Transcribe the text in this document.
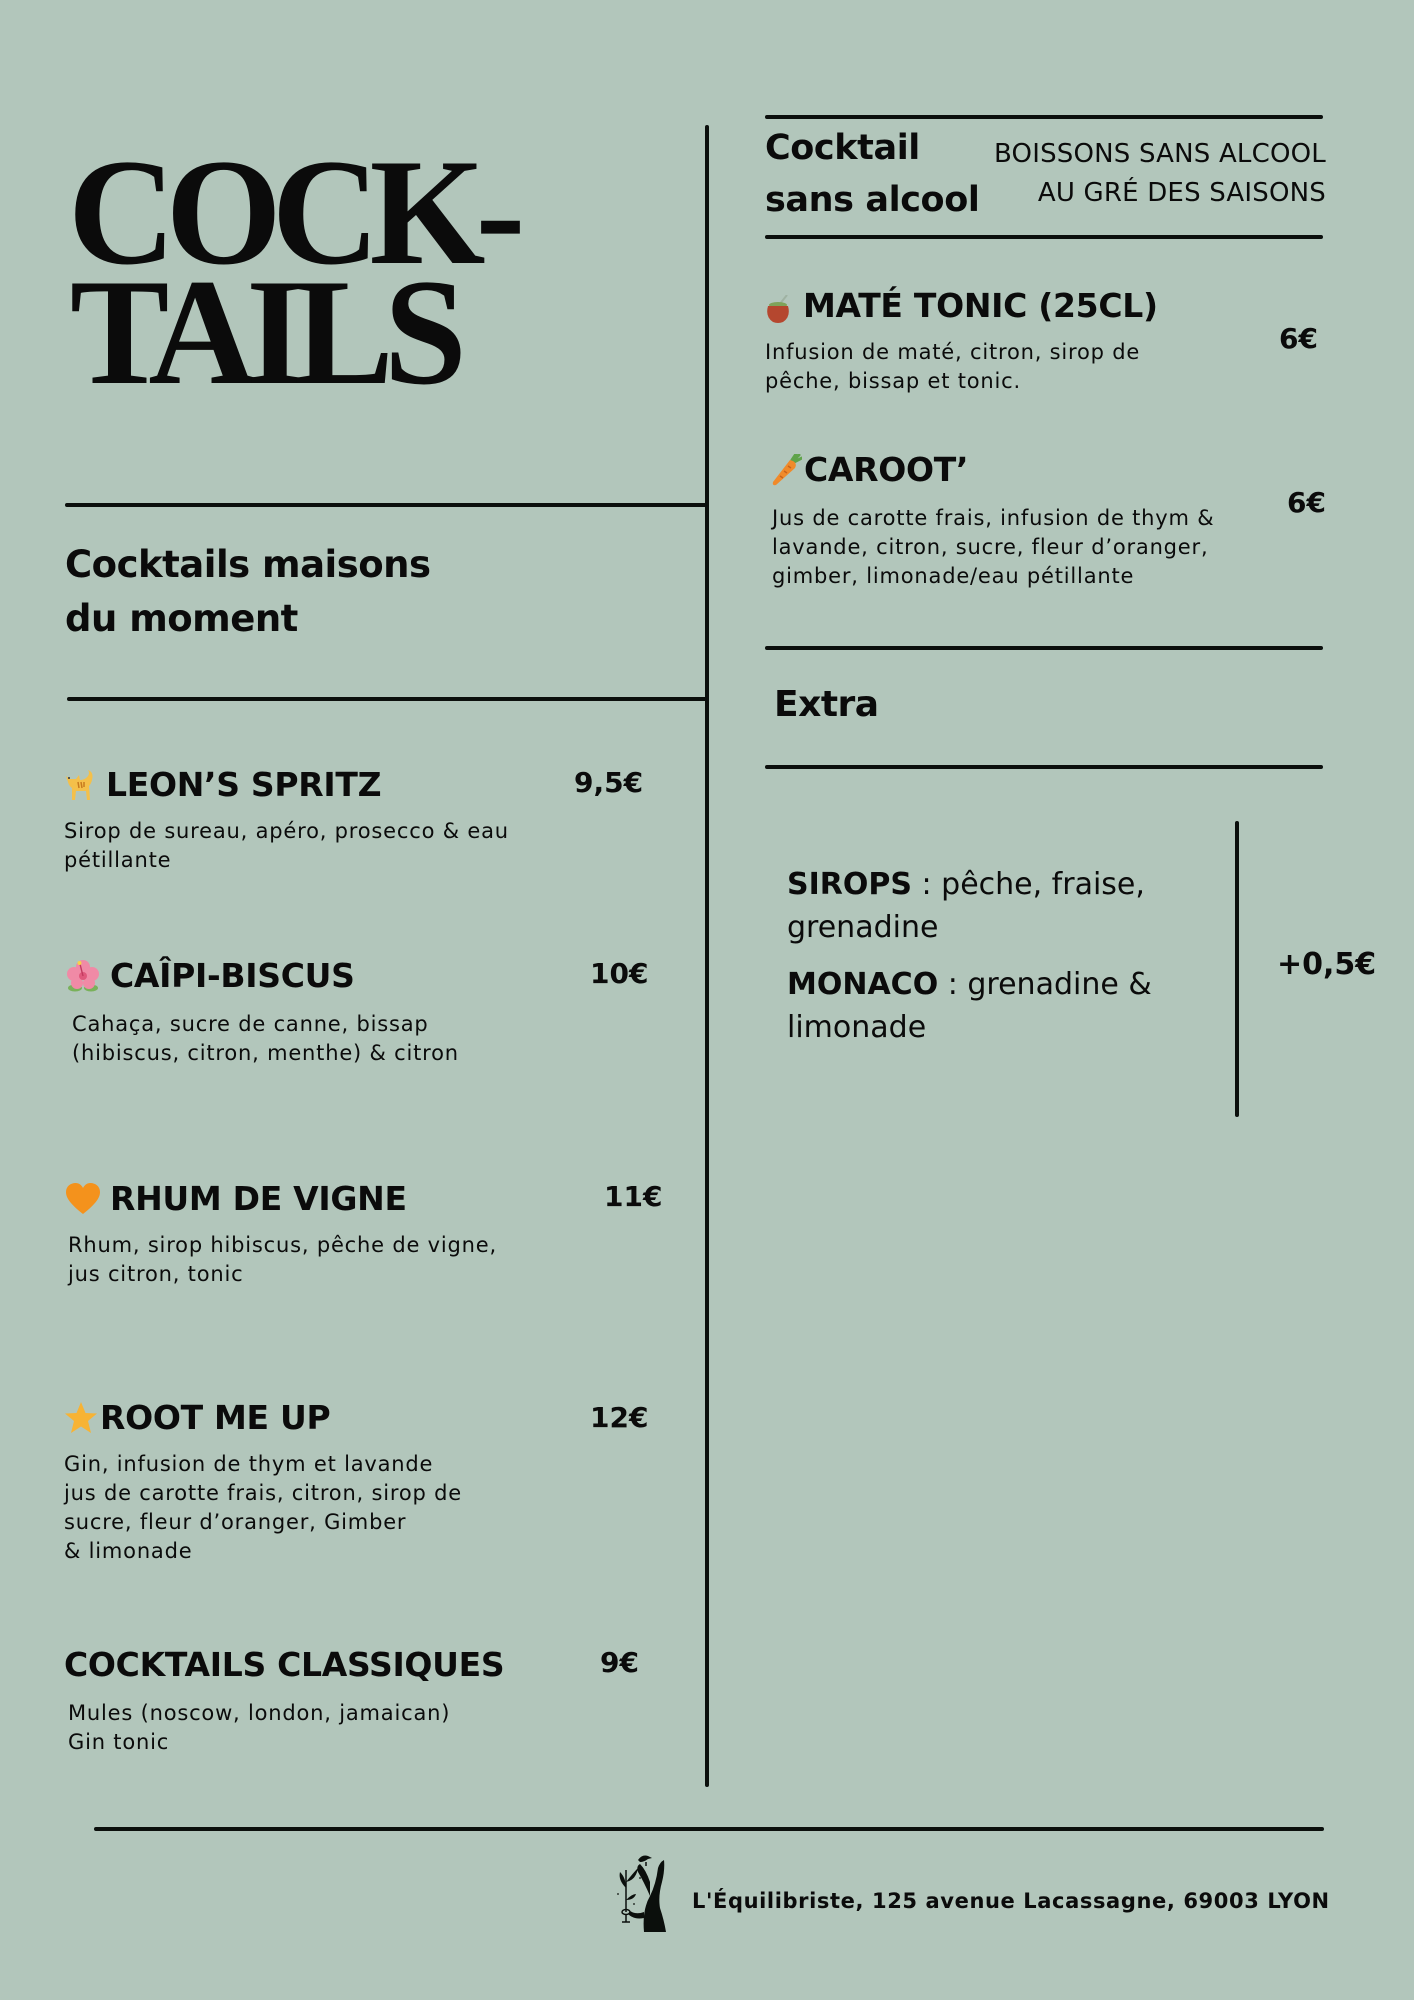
COCK-
TAILS
Cocktails maisons
du moment
LEON’S SPRITZ	9,5€
Sirop de sureau, apéro, prosecco & eau
pétillante
CAÎPI-BISCUS	10€
Cahaça, sucre de canne, bissap
(hibiscus, citron, menthe) & citron
RHUM DE VIGNE	11€
Rhum, sirop hibiscus, pêche de vigne,
jus citron, tonic
ROOT ME UP	12€
Gin, infusion de thym et lavande
jus de carotte frais, citron, sirop de
sucre, fleur d’oranger, Gimber
& limonade
COCKTAILS CLASSIQUES	9€
Mules (noscow, london, jamaican)
Gin tonic
Cocktail
sans alcool
BOISSONS SANS ALCOOL
AU GRÉ DES SAISONS
MATÉ TONIC (25CL)
6€
Infusion de maté, citron, sirop de
pêche, bissap et tonic.
CAROOT’
6€
Jus de carotte frais, infusion de thym &
lavande, citron, sucre, fleur d’oranger,
gimber, limonade/eau pétillante
Extra
SIROPS : pêche, fraise,
grenadine
MONACO : grenadine &
limonade
+0,5€
L'Équilibriste, 125 avenue Lacassagne, 69003 LYON
